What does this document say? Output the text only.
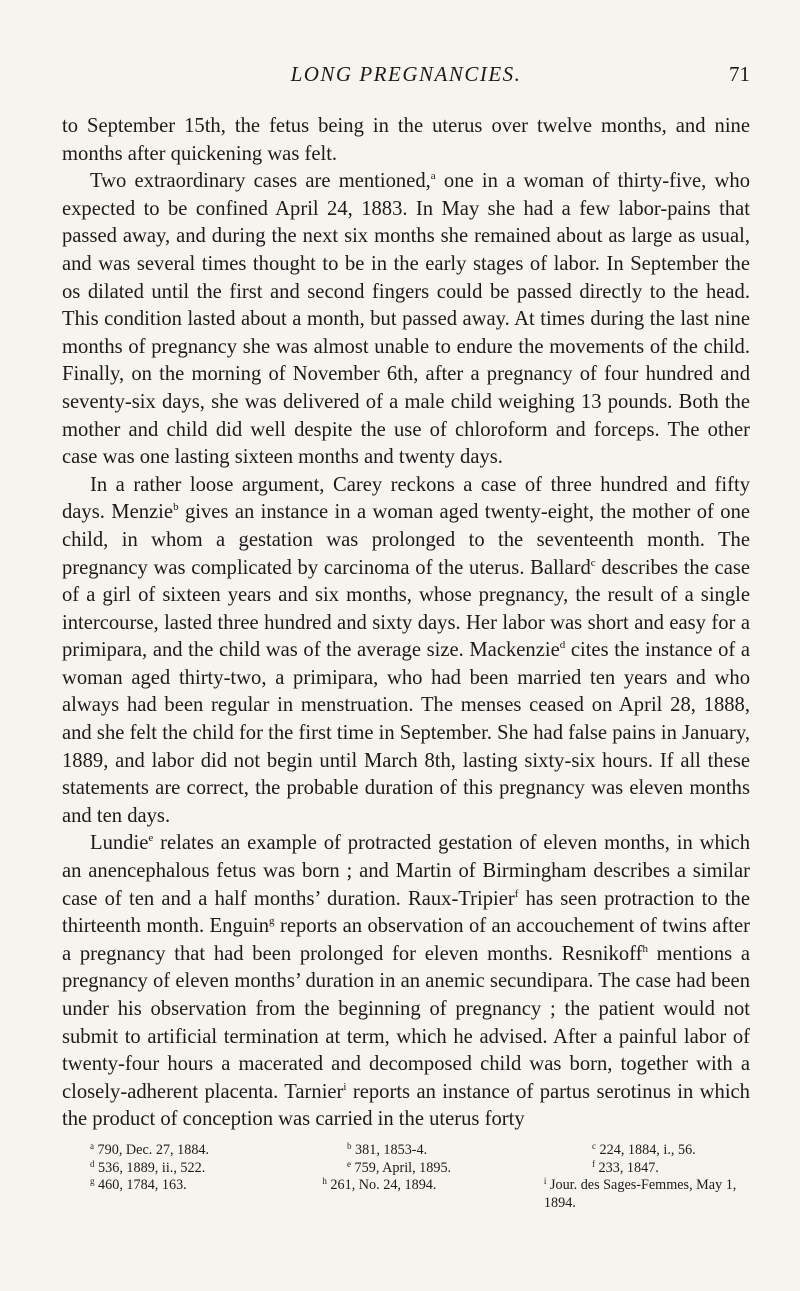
LONG PREGNANCIES.	71

to September 15th, the fetus being in the uterus over twelve months, and nine months after quickening was felt.

Two extraordinary cases are mentioned,$^a$ one in a woman of thirty-five, who expected to be confined April 24, 1883. In May she had a few labor-pains that passed away, and during the next six months she remained about as large as usual, and was several times thought to be in the early stages of labor. In September the os dilated until the first and second fingers could be passed directly to the head. This condition lasted about a month, but passed away. At times during the last nine months of pregnancy she was almost unable to endure the movements of the child. Finally, on the morning of November 6th, after a pregnancy of four hundred and seventy-six days, she was delivered of a male child weighing 13 pounds. Both the mother and child did well despite the use of chloroform and forceps. The other case was one lasting sixteen months and twenty days.

In a rather loose argument, Carey reckons a case of three hundred and fifty days. Menzie$^b$ gives an instance in a woman aged twenty-eight, the mother of one child, in whom a gestation was prolonged to the seventeenth month. The pregnancy was complicated by carcinoma of the uterus. Ballard$^c$ describes the case of a girl of sixteen years and six months, whose pregnancy, the result of a single intercourse, lasted three hundred and sixty days. Her labor was short and easy for a primipara, and the child was of the average size. Mackenzie$^d$ cites the instance of a woman aged thirty-two, a primipara, who had been married ten years and who always had been regular in menstruation. The menses ceased on April 28, 1888, and she felt the child for the first time in September. She had false pains in January, 1889, and labor did not begin until March 8th, lasting sixty-six hours. If all these statements are correct, the probable duration of this pregnancy was eleven months and ten days.

Lundie$^e$ relates an example of protracted gestation of eleven months, in which an anencephalous fetus was born ; and Martin of Birmingham describes a similar case of ten and a half months’ duration. Raux-Tripier$^f$ has seen protraction to the thirteenth month. Enguin$^g$ reports an observation of an accouchement of twins after a pregnancy that had been prolonged for eleven months. Resnikoff$^h$ mentions a pregnancy of eleven months’ duration in an anemic secundipara. The case had been under his observation from the beginning of pregnancy ; the patient would not submit to artificial termination at term, which he advised. After a painful labor of twenty-four hours a macerated and decomposed child was born, together with a closely-adherent placenta. Tarnier$^i$ reports an instance of partus serotinus in which the product of conception was carried in the uterus forty

$^a$ 790, Dec. 27, 1884.	$^b$ 381, 1853-4.	$^c$ 224, 1884, i., 56.
$^d$ 536, 1889, ii., 522.	$^e$ 759, April, 1895.	$^f$ 233, 1847.
$^g$ 460, 1784, 163.	$^h$ 261, No. 24, 1894.	$^i$ Jour. des Sages-Femmes, May 1, 1894.
